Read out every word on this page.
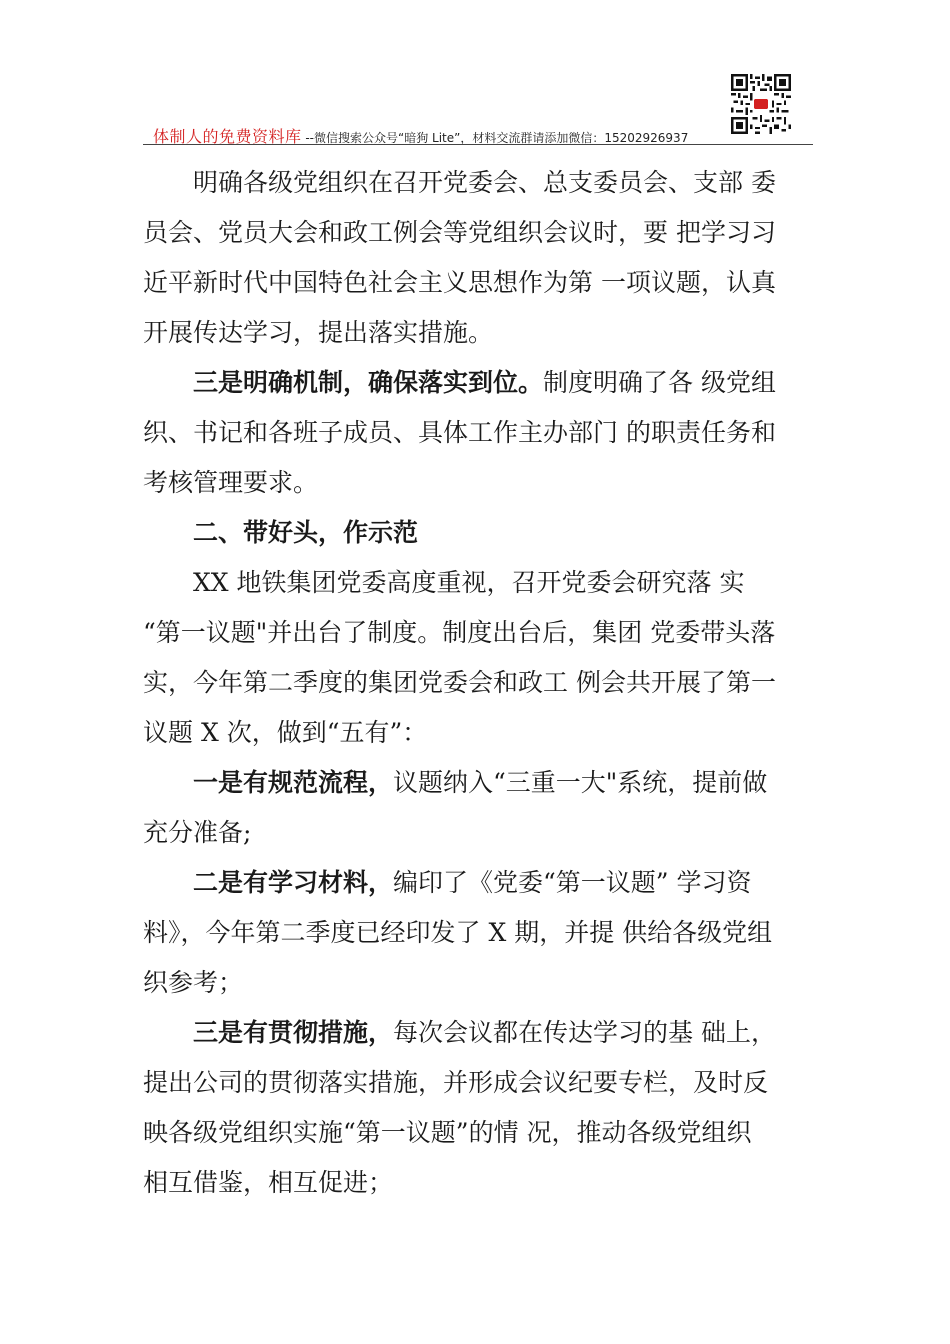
体制人的免费资料库 --微信搜索公众号“暗狗 Lite”，材料交流群请添加微信：15202926937
明确各级党组织在召开党委会、总支委员会、支部 委
员会、党员大会和政工例会等党组织会议时，要 把学习习
近平新时代中国特色社会主义思想作为第 一项议题，认真
开展传达学习，提出落实措施。
三是明确机制，确保落实到位。制度明确了各 级党组
织、书记和各班子成员、具体工作主办部门 的职责任务和
考核管理要求。
二、带好头，作示范
XX 地铁集团党委高度重视，召开党委会研究落 实
“第一议题"并出台了制度。制度出台后，集团 党委带头落
实，今年第二季度的集团党委会和政工 例会共开展了第一
议题 X 次，做到“五有”：
一是有规范流程，议题纳入“三重一大"系统，提前做
充分准备;
二是有学习材料，编印了《党委“第一议题” 学习资
料》，今年第二季度已经印发了 X 期，并提 供给各级党组
织参考；
三是有贯彻措施，每次会议都在传达学习的基 础上，
提出公司的贯彻落实措施，并形成会议纪要专栏，及时反
映各级党组织实施“第一议题”的情 况，推动各级党组织
相互借鉴，相互促进；
